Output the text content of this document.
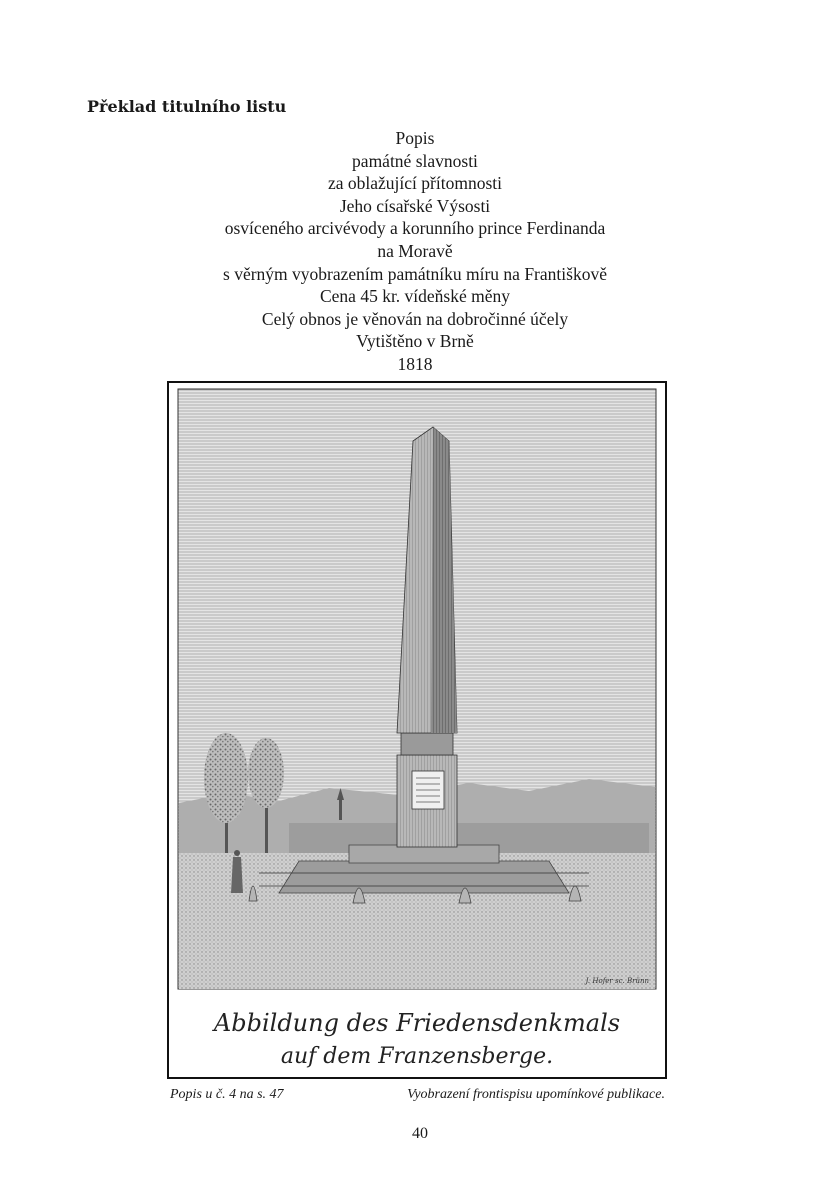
Překlad titulního listu
Popis
památné slavnosti
za oblažující přítomnosti
Jeho císařské Výsosti
osvíceného arcivévody a korunního prince Ferdinanda
na Moravě
s věrným vyobrazením památníku míru na Františkově
Cena 45 kr. vídeňské měny
Celý obnos je věnován na dobročinné účely
Vytištěno v Brně
1818
J. Hofer sc. Brünn
Abbildung des Friedensdenkmals
auf dem Franzensberge.
Popis u č. 4 na s. 47	Vyobrazení frontispisu upomínkové publikace.
40
